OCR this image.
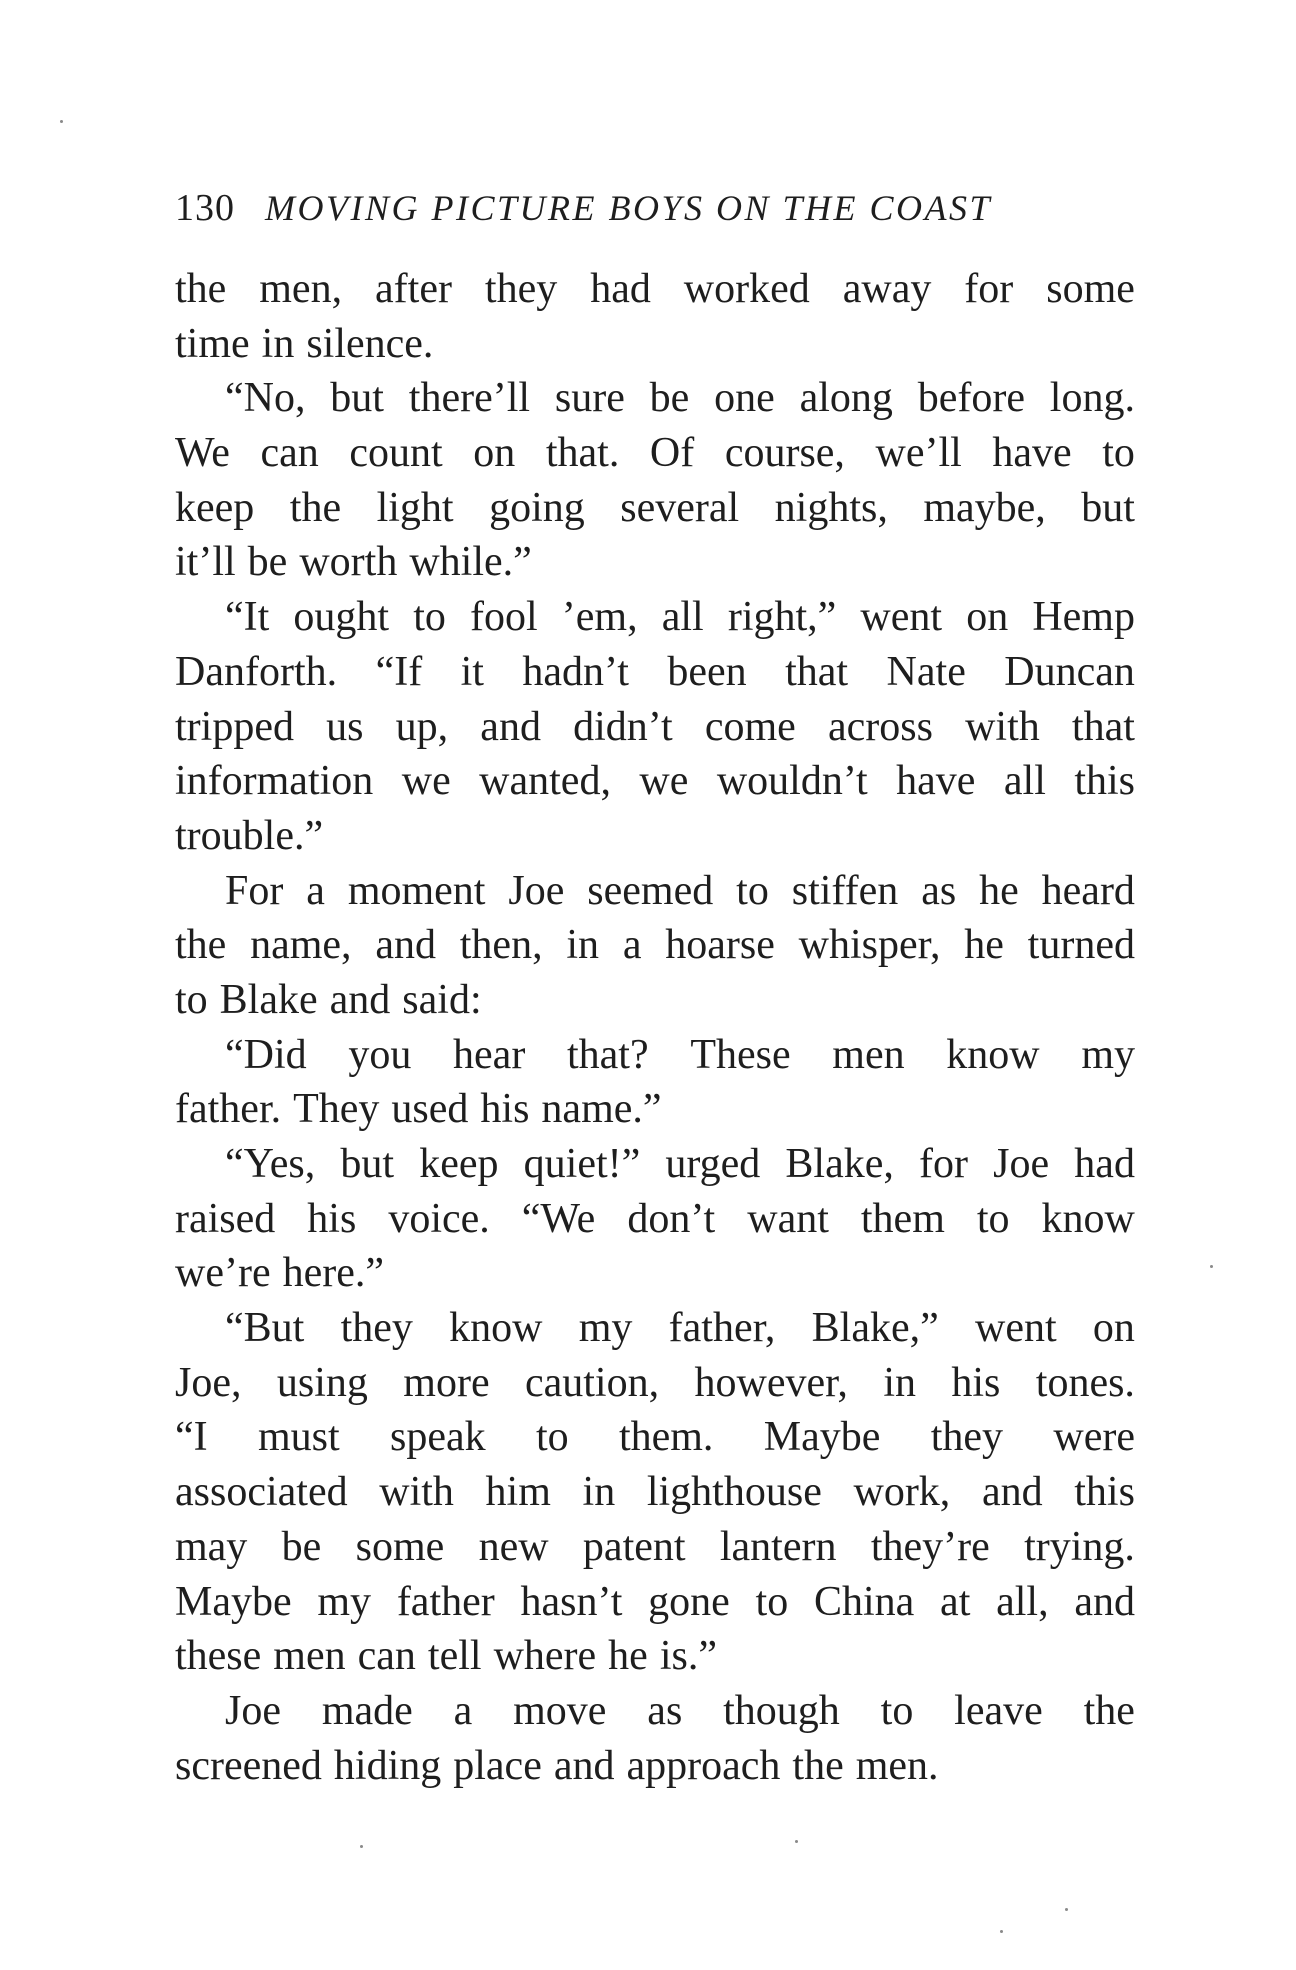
130 MOVING PICTURE BOYS ON THE COAST
the men, after they had worked away for some
time in silence.
“No, but there’ll sure be one along before long.
We can count on that. Of course, we’ll have to
keep the light going several nights, maybe, but
it’ll be worth while.”
“It ought to fool ’em, all right,” went on Hemp
Danforth. “If it hadn’t been that Nate Duncan
tripped us up, and didn’t come across with that
information we wanted, we wouldn’t have all this
trouble.”
For a moment Joe seemed to stiffen as he heard
the name, and then, in a hoarse whisper, he turned
to Blake and said:
“Did you hear that? These men know my
father. They used his name.”
“Yes, but keep quiet!” urged Blake, for Joe had
raised his voice. “We don’t want them to know
we’re here.”
“But they know my father, Blake,” went on
Joe, using more caution, however, in his tones.
“I must speak to them. Maybe they were
associated with him in lighthouse work, and this
may be some new patent lantern they’re trying.
Maybe my father hasn’t gone to China at all, and
these men can tell where he is.”
Joe made a move as though to leave the
screened hiding place and approach the men.
